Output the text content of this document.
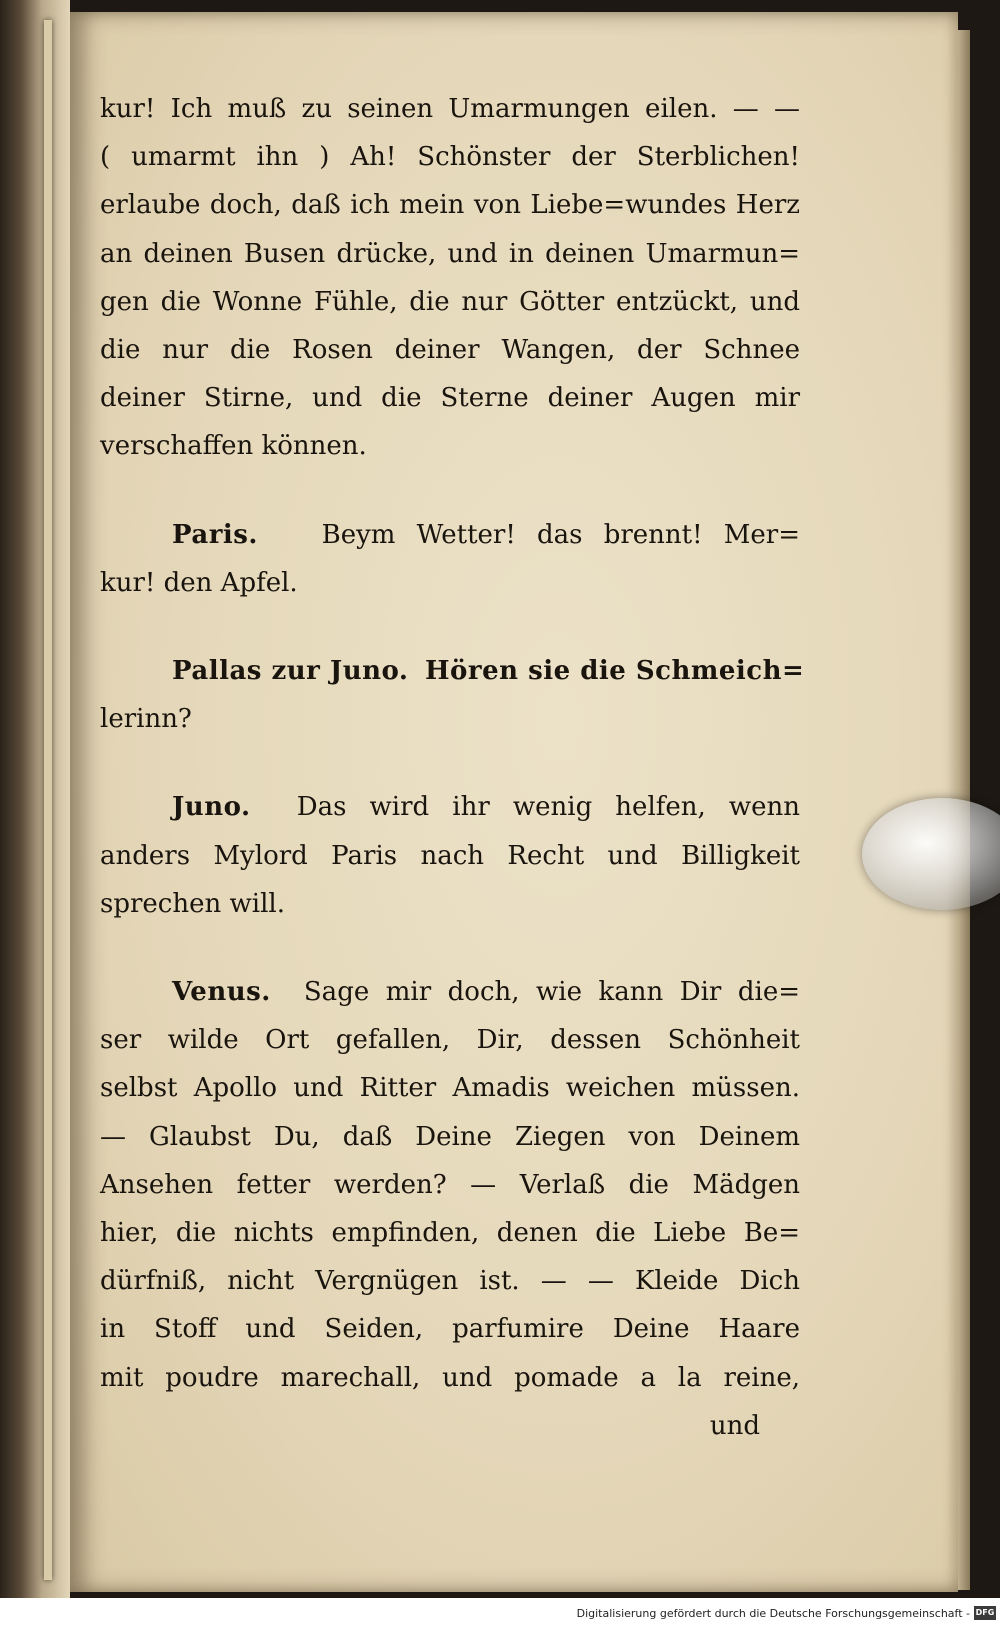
kur! Ich muß zu seinen Umarmungen eilen. — —
( umarmt ihn ) Ah! Schönster der Sterblichen!
erlaube doch, daß ich mein von Liebe=wundes Herz
an deinen Busen drücke, und in deinen Umarmun=
gen die Wonne Fühle, die nur Götter entzückt, und
die nur die Rosen deiner Wangen, der Schnee
deiner Stirne, und die Sterne deiner Augen mir
verschaffen können.
Paris. Beym Wetter! das brennt! Mer=
kur! den Apfel.
Pallas zur Juno. Hören sie die Schmeich=
lerinn?
Juno. Das wird ihr wenig helfen, wenn
anders Mylord Paris nach Recht und Billigkeit
sprechen will.
Venus. Sage mir doch, wie kann Dir die=
ser wilde Ort gefallen, Dir, dessen Schönheit
selbst Apollo und Ritter Amadis weichen müssen.
— Glaubst Du, daß Deine Ziegen von Deinem
Ansehen fetter werden? — Verlaß die Mädgen
hier, die nichts empfinden, denen die Liebe Be=
dürfniß, nicht Vergnügen ist. — — Kleide Dich
in Stoff und Seiden, parfumire Deine Haare
mit poudre marechall, und pomade a la reine,
und
Digitalisierung gefördert durch die Deutsche Forschungsgemeinschaft - DFG
